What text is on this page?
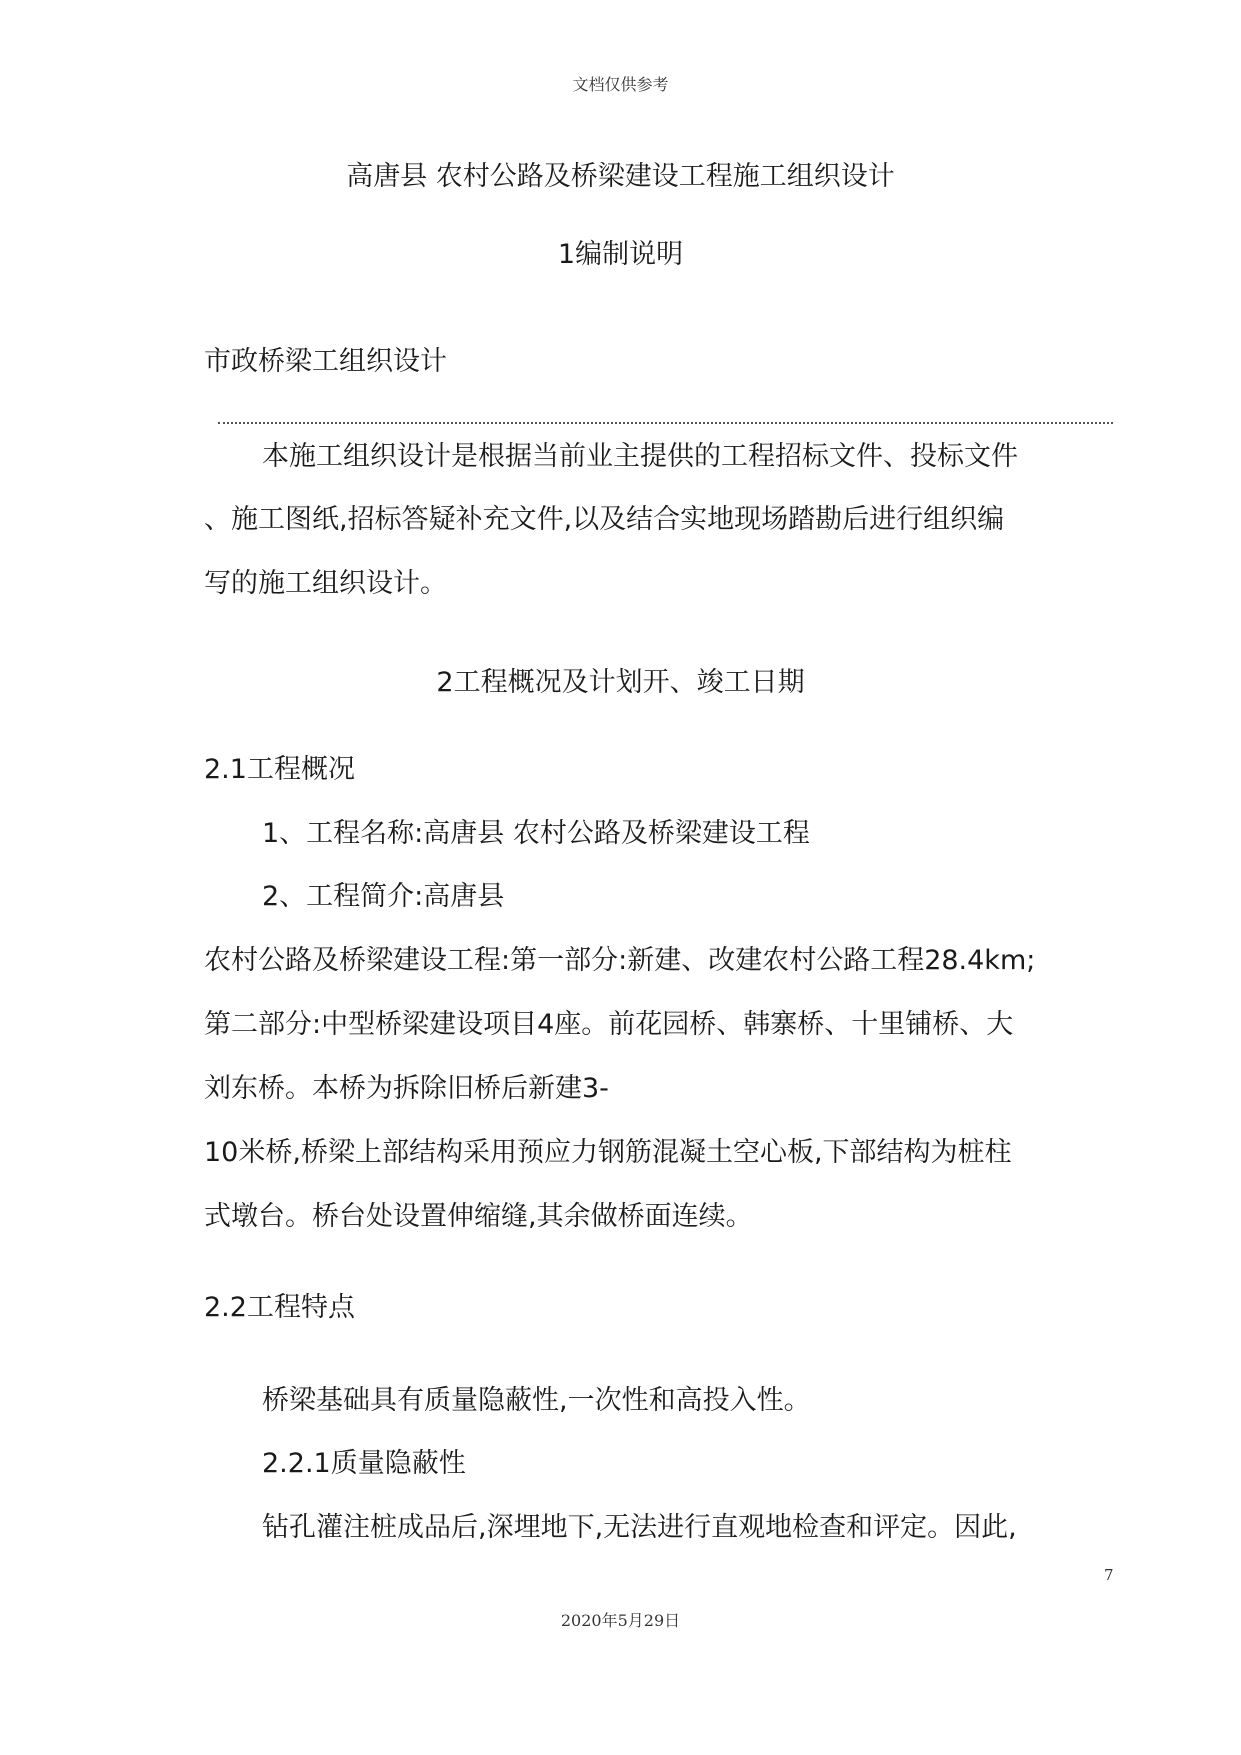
文档仅供参考
高唐县 农村公路及桥梁建设工程施工组织设计
1编制说明
市政桥梁工组织设计
本施工组织设计是根据当前业主提供的工程招标文件、投标文件
、施工图纸,招标答疑补充文件,以及结合实地现场踏勘后进行组织编
写的施工组织设计。
2工程概况及计划开、竣工日期
2.1工程概况
1、工程名称:高唐县 农村公路及桥梁建设工程
2、工程简介:高唐县
农村公路及桥梁建设工程:第一部分:新建、改建农村公路工程28.4km;
第二部分:中型桥梁建设项目4座。前花园桥、韩寨桥、十里铺桥、大
刘东桥。本桥为拆除旧桥后新建3-
10米桥,桥梁上部结构采用预应力钢筋混凝土空心板,下部结构为桩柱
式墩台。桥台处设置伸缩缝,其余做桥面连续。
2.2工程特点
桥梁基础具有质量隐蔽性,一次性和高投入性。
2.2.1质量隐蔽性
钻孔灌注桩成品后,深埋地下,无法进行直观地检查和评定。因此,
7
2020年5月29日
